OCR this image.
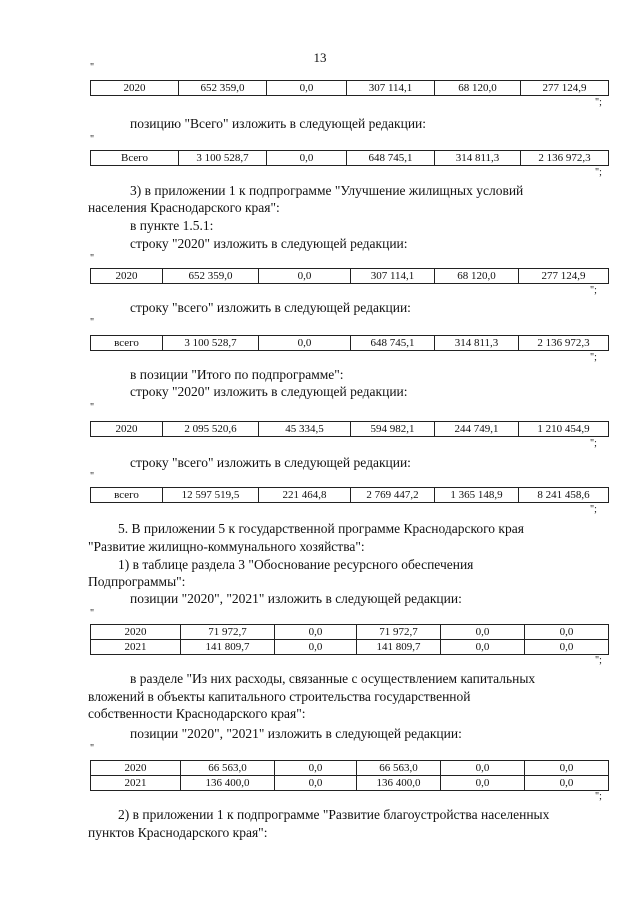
13
"
2020	652 359,0	0,0	307 114,1	68 120,0	277 124,9
";
позицию "Всего" изложить в следующей редакции:
"
Всего	3 100 528,7	0,0	648 745,1	314 811,3	2 136 972,3
";
3) в приложении 1 к подпрограмме "Улучшение жилищных условий
населения Краснодарского края":
в пункте 1.5.1:
строку "2020" изложить в следующей редакции:
"
2020	652 359,0	0,0	307 114,1	68 120,0	277 124,9
";
строку "всего" изложить в следующей редакции:
"
всего	3 100 528,7	0,0	648 745,1	314 811,3	2 136 972,3
";
в позиции "Итого по подпрограмме":
строку "2020" изложить в следующей редакции:
"
2020	2 095 520,6	45 334,5	594 982,1	244 749,1	1 210 454,9
";
строку "всего" изложить в следующей редакции:
"
всего	12 597 519,5	221 464,8	2 769 447,2	1 365 148,9	8 241 458,6
";
5. В приложении 5 к государственной программе Краснодарского края
"Развитие жилищно-коммунального хозяйства":
1) в таблице раздела 3 "Обоснование ресурсного обеспечения
Подпрограммы":
позиции "2020", "2021" изложить в следующей редакции:
"
2020	71 972,7	0,0	71 972,7	0,0	0,0
2021	141 809,7	0,0	141 809,7	0,0	0,0
";
в разделе "Из них расходы, связанные с осуществлением капитальных
вложений в объекты капитального строительства государственной
собственности Краснодарского края":
позиции "2020", "2021" изложить в следующей редакции:
"
2020	66 563,0	0,0	66 563,0	0,0	0,0
2021	136 400,0	0,0	136 400,0	0,0	0,0
";
2) в приложении 1 к подпрограмме "Развитие благоустройства населенных
пунктов Краснодарского края":
